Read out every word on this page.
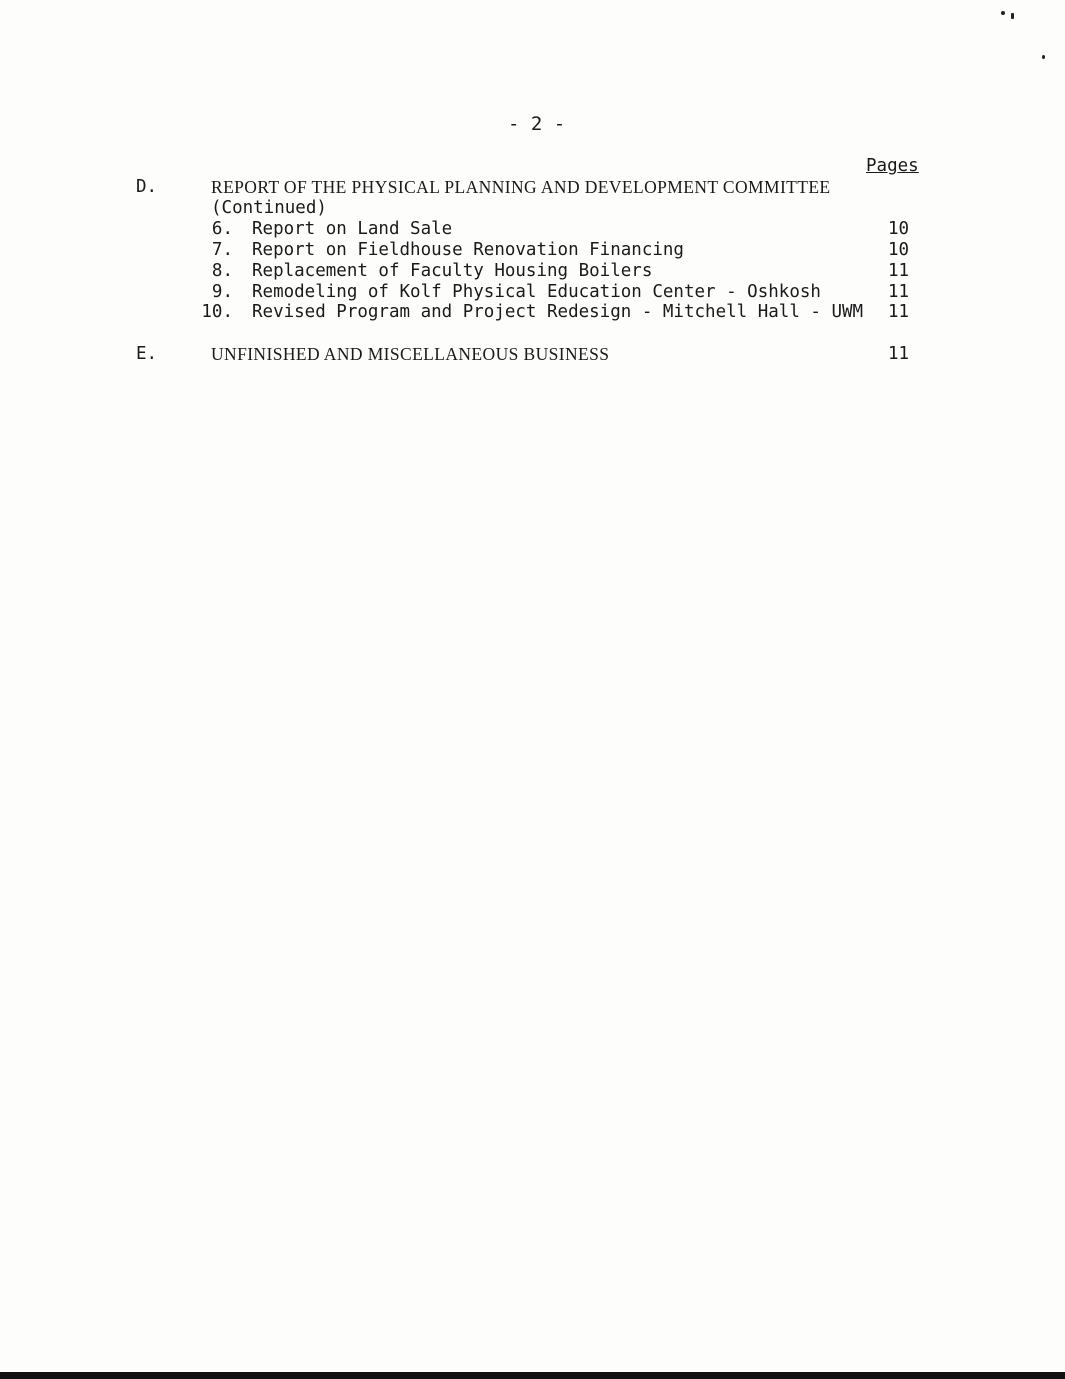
- 2 -
Pages
D.	REPORT OF THE PHYSICAL PLANNING AND DEVELOPMENT COMMITTEE
(Continued)
6. Report on Land Sale	10
7. Report on Fieldhouse Renovation Financing	10
8. Replacement of Faculty Housing Boilers	11
9. Remodeling of Kolf Physical Education Center - Oshkosh	11
10. Revised Program and Project Redesign - Mitchell Hall - UWM 11
E.	UNFINISHED AND MISCELLANEOUS BUSINESS	11
